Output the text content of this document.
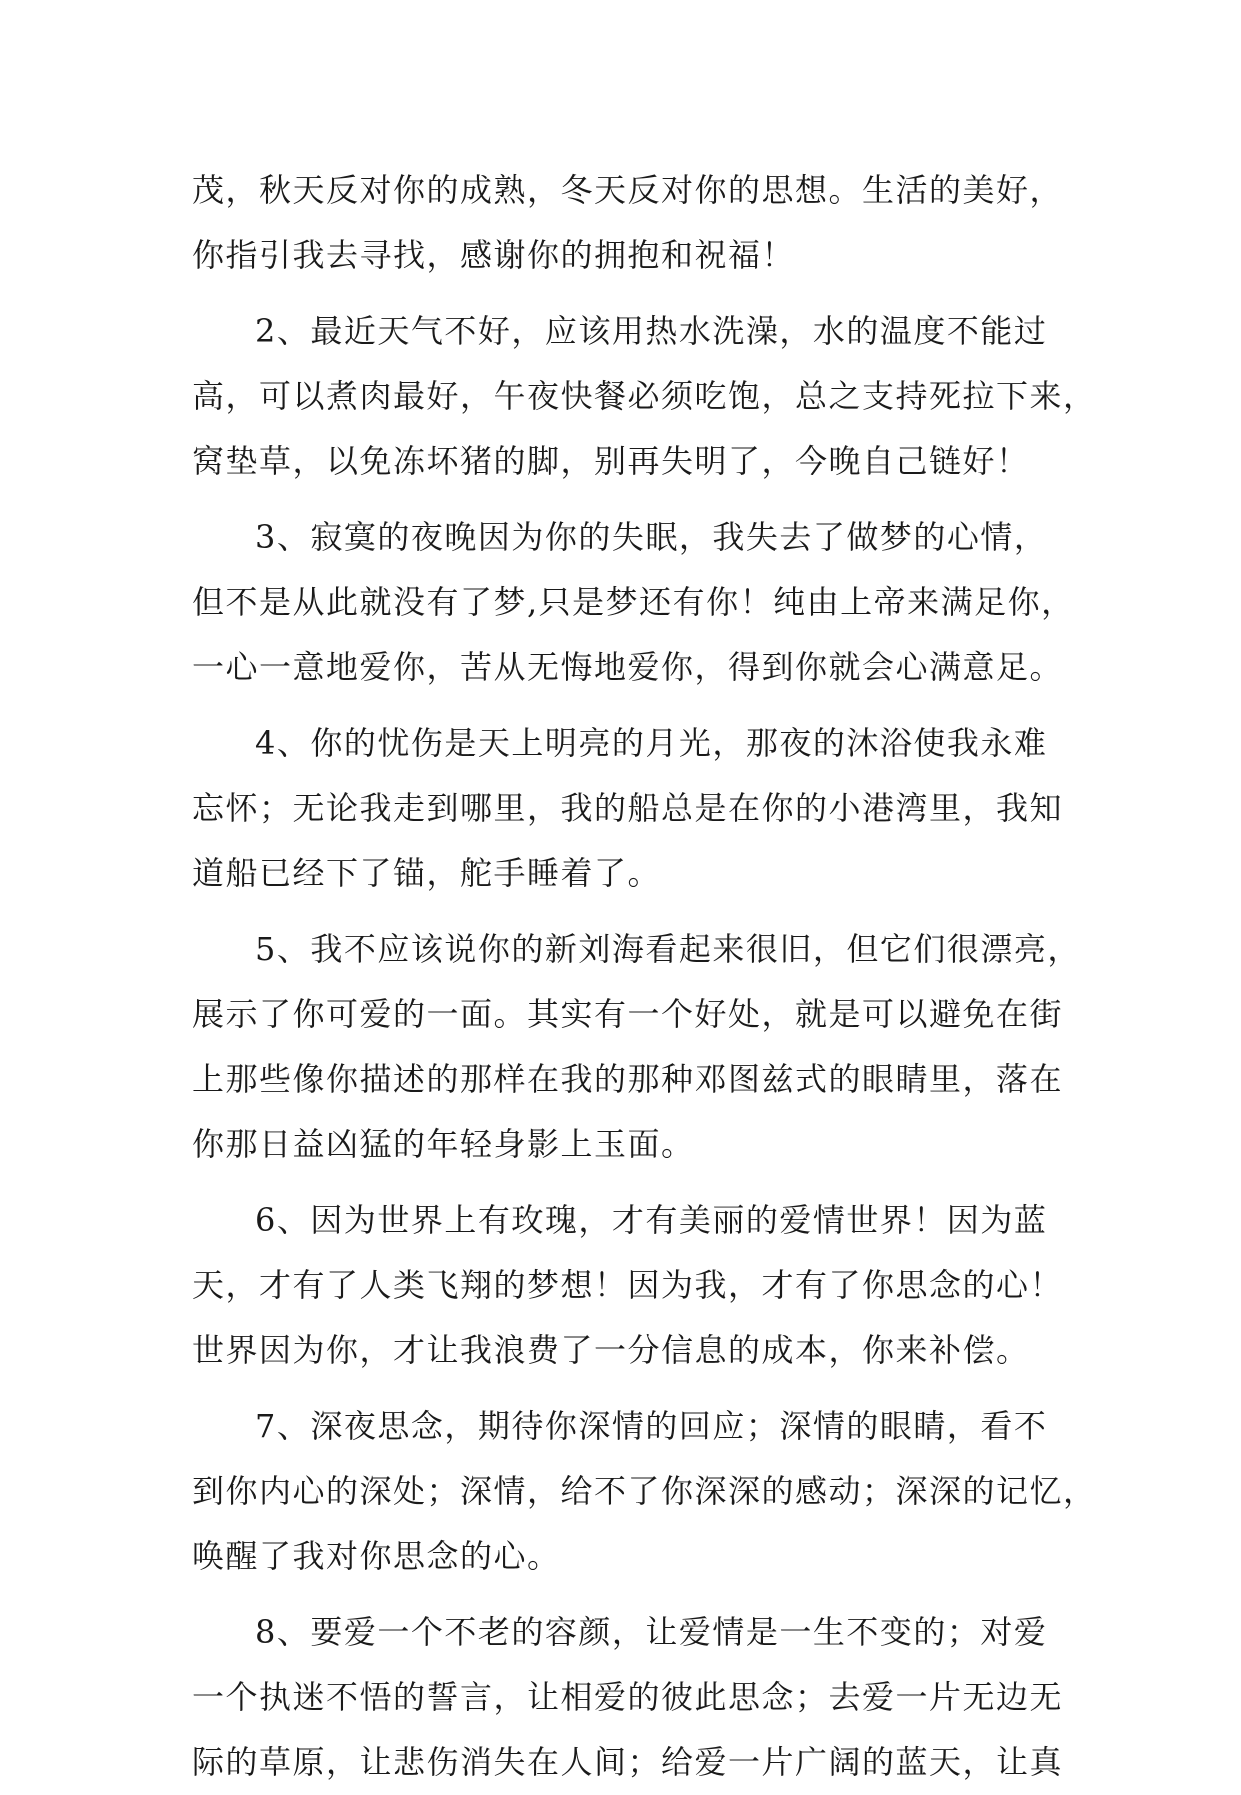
茂，秋天反对你的成熟，冬天反对你的思想。生活的美好，
你指引我去寻找，感谢你的拥抱和祝福！
2、最近天气不好，应该用热水洗澡，水的温度不能过
高，可以煮肉最好，午夜快餐必须吃饱，总之支持死拉下来，
窝垫草，以免冻坏猪的脚，别再失明了，今晚自己链好！
3、寂寞的夜晚因为你的失眠，我失去了做梦的心情，
但不是从此就没有了梦,只是梦还有你！纯由上帝来满足你，
一心一意地爱你，苦从无悔地爱你，得到你就会心满意足。
4、你的忧伤是天上明亮的月光，那夜的沐浴使我永难
忘怀；无论我走到哪里，我的船总是在你的小港湾里，我知
道船已经下了锚，舵手睡着了。
5、我不应该说你的新刘海看起来很旧，但它们很漂亮，
展示了你可爱的一面。其实有一个好处，就是可以避免在街
上那些像你描述的那样在我的那种邓图兹式的眼睛里，落在
你那日益凶猛的年轻身影上玉面。
6、因为世界上有玫瑰，才有美丽的爱情世界！因为蓝
天，才有了人类飞翔的梦想！因为我，才有了你思念的心！
世界因为你，才让我浪费了一分信息的成本，你来补偿。
7、深夜思念，期待你深情的回应；深情的眼睛，看不
到你内心的深处；深情，给不了你深深的感动；深深的记忆，
唤醒了我对你思念的心。
8、要爱一个不老的容颜，让爱情是一生不变的；对爱
一个执迷不悟的誓言，让相爱的彼此思念；去爱一片无边无
际的草原，让悲伤消失在人间；给爱一片广阔的蓝天，让真
